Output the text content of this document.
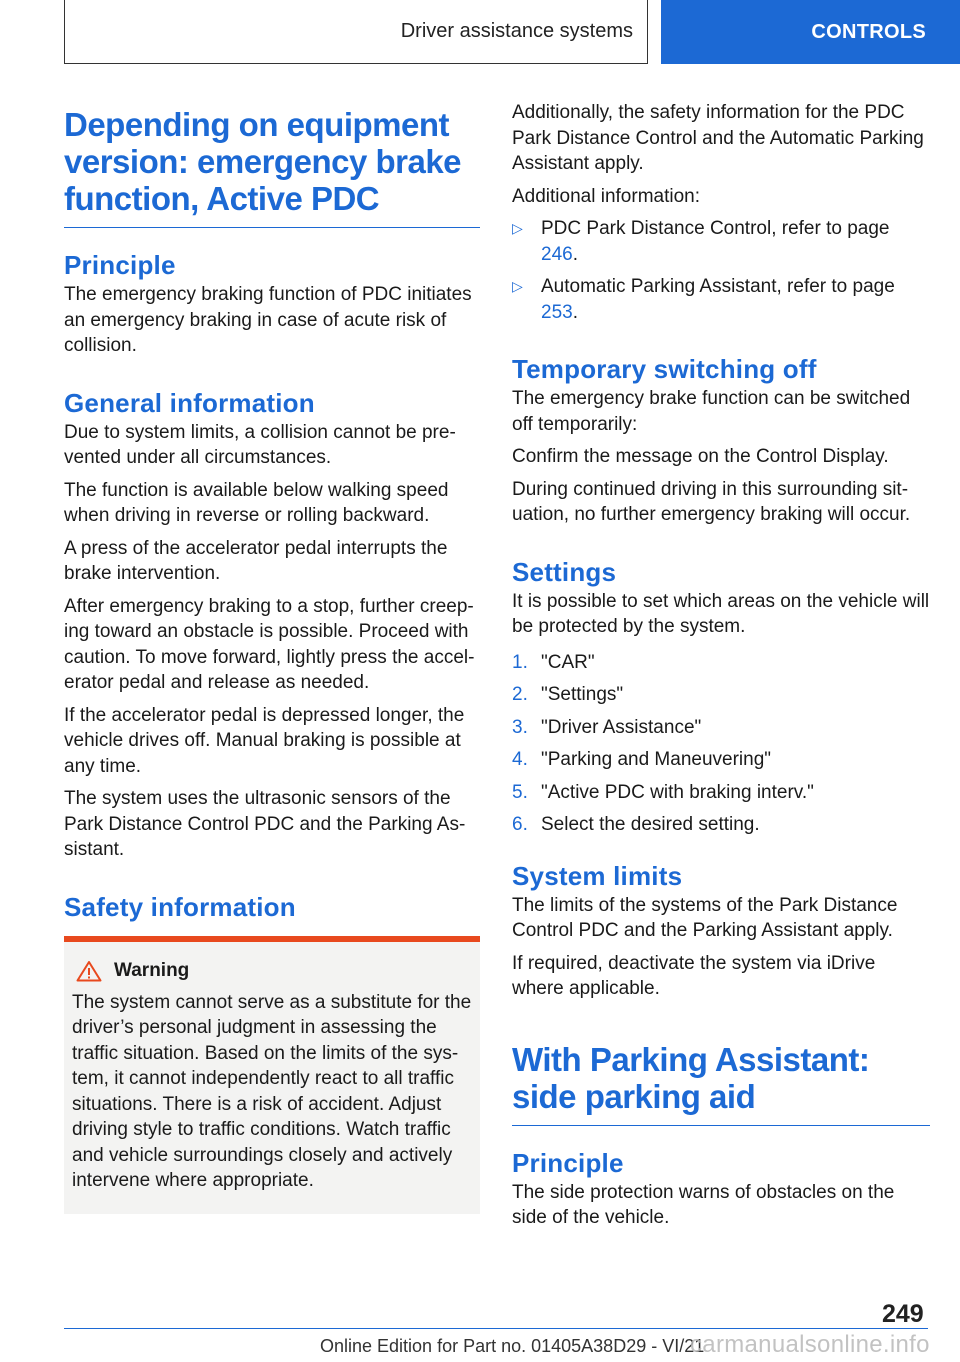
Driver assistance systems	CONTROLS
Depending on equipment version: emergency brake function, Active PDC
Principle

The emergency braking function of PDC initiates an emergency braking in case of acute risk of collision.

General information

Due to system limits, a collision cannot be pre‐ vented under all circumstances.

The function is available below walking speed when driving in reverse or rolling backward.

A press of the accelerator pedal interrupts the brake intervention.

After emergency braking to a stop, further creep‐ ing toward an obstacle is possible. Proceed with caution. To move forward, lightly press the accel‐ erator pedal and release as needed.

If the accelerator pedal is depressed longer, the vehicle drives off. Manual braking is possible at any time.

The system uses the ultrasonic sensors of the Park Distance Control PDC and the Parking As‐ sistant.

Safety information
Warning

The system cannot serve as a substitute for the driver’s personal judgment in assessing the traffic situation. Based on the limits of the sys‐ tem, it cannot independently react to all traffic situations. There is a risk of accident. Adjust driving style to traffic conditions. Watch traffic and vehicle surroundings closely and actively intervene where appropriate.

Additionally, the safety information for the PDC Park Distance Control and the Automatic Parking Assistant apply.

Additional information:

▷ PDC Park Distance Control, refer to page 246.
▷ Automatic Parking Assistant, refer to page 253.
Temporary switching off

The emergency brake function can be switched off temporarily:

Confirm the message on the Control Display.

During continued driving in this surrounding sit‐ uation, no further emergency braking will occur.

Settings

It is possible to set which areas on the vehicle will be protected by the system.

1. "CAR"
2. "Settings"
3. "Driver Assistance"
4. "Parking and Maneuvering"
5. "Active PDC with braking interv."
6. Select the desired setting.
System limits

The limits of the systems of the Park Distance Control PDC and the Parking Assistant apply.

If required, deactivate the system via iDrive where applicable.

With Parking Assistant: side parking aid
Principle

The side protection warns of obstacles on the side of the vehicle.

249
Online Edition for Part no. 01405A38D29 - VI/21
carmanualsonline.info
